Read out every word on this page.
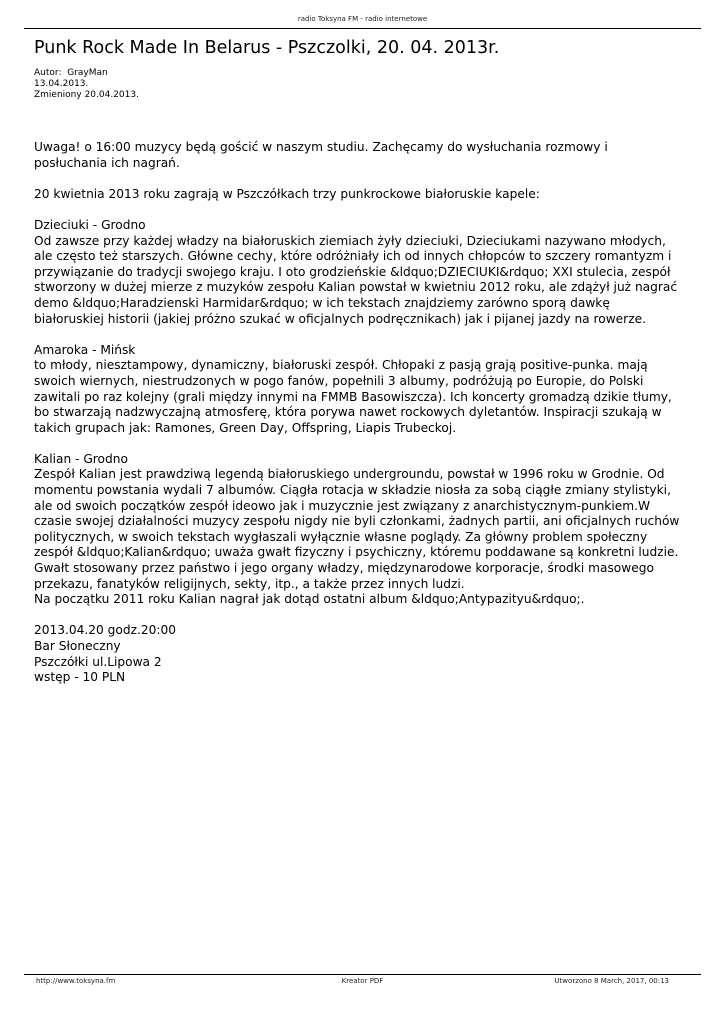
radio Toksyna FM - radio internetowe
Punk Rock Made In Belarus - Pszczolki, 20. 04. 2013r.
Autor:  GrayMan
13.04.2013.
Zmieniony 20.04.2013.
Uwaga! o 16:00 muzycy będą gościć w naszym studiu. Zachęcamy do wysłuchania rozmowy i
posłuchania ich nagrań.
20 kwietnia 2013 roku zagrają w Pszczółkach trzy punkrockowe białoruskie kapele:
Dzieciuki - Grodno
Od zawsze przy każdej władzy na białoruskich ziemiach żyły dzieciuki, Dzieciukami nazywano młodych,
ale często też starszych. Główne cechy, które odróżniały ich od innych chłopców to szczery romantyzm i
przywiązanie do tradycji swojego kraju. I oto grodzieńskie &ldquo;DZIECIUKI&rdquo; XXI stulecia, zespół
stworzony w dużej mierze z muzyków zespołu Kalian powstał w kwietniu 2012 roku, ale zdążył już nagrać
demo &ldquo;Haradzienski Harmidar&rdquo; w ich tekstach znajdziemy zarówno sporą dawkę
białoruskiej historii (jakiej próżno szukać w oficjalnych podręcznikach) jak i pijanej jazdy na rowerze.
Amaroka - Mińsk
to młody, niesztampowy, dynamiczny, białoruski zespół. Chłopaki z pasją grają positive-punka. mają
swoich wiernych, niestrudzonych w pogo fanów, popełnili 3 albumy, podróżują po Europie, do Polski
zawitali po raz kolejny (grali między innymi na FMMB Basowiszcza). Ich koncerty gromadzą dzikie tłumy,
bo stwarzają nadzwyczajną atmosferę, która porywa nawet rockowych dyletantów. Inspiracji szukają w
takich grupach jak: Ramones, Green Day, Offspring, Liapis Trubeckoj.
Kalian - Grodno
Zespół Kalian jest prawdziwą legendą białoruskiego undergroundu, powstał w 1996 roku w Grodnie. Od
momentu powstania wydali 7 albumów. Ciągła rotacja w składzie niosła za sobą ciągłe zmiany stylistyki,
ale od swoich początków zespół ideowo jak i muzycznie jest związany z anarchistycznym-punkiem.W
czasie swojej działalności muzycy zespołu nigdy nie byli członkami, żadnych partii, ani oficjalnych ruchów
politycznych, w swoich tekstach wygłaszali wyłącznie własne poglądy. Za główny problem społeczny
zespół &ldquo;Kalian&rdquo; uważa gwałt fizyczny i psychiczny, któremu poddawane są konkretni ludzie.
Gwałt stosowany przez państwo i jego organy władzy, międzynarodowe korporacje, środki masowego
przekazu, fanatyków religijnych, sekty, itp., a także przez innych ludzi.
Na początku 2011 roku Kalian nagrał jak dotąd ostatni album &ldquo;Antypazityu&rdquo;.
2013.04.20 godz.20:00
Bar Słoneczny
Pszczółki ul.Lipowa 2
wstęp - 10 PLN
http://www.toksyna.fm	Kreator PDF	Utworzono 8 March, 2017, 00:13
